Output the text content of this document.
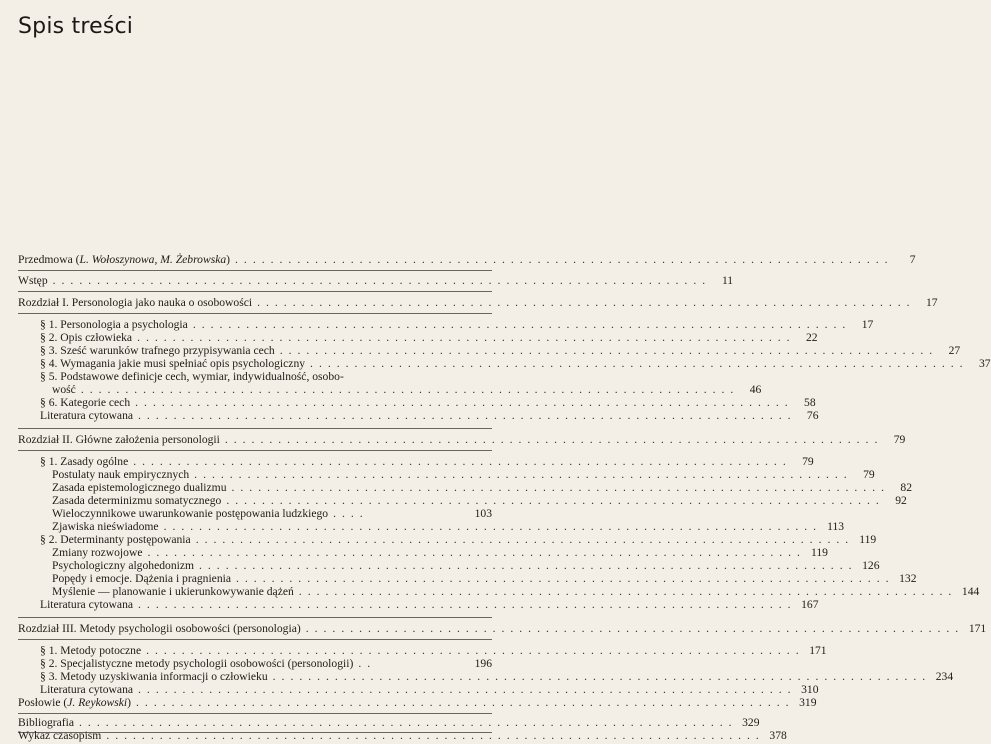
Spis treści
Przedmowa (L. Wołoszynowa, M. Żebrowska) ..........................................................................	7
Wstęp .......................................................................... 11
Rozdział I. Personologia jako nauka o osobowości .......................................................................... 17
§ 1. Personologia a psychologia .......................................................................... 17
§ 2. Opis człowieka .......................................................................... 22
§ 3. Sześć warunków trafnego przypisywania cech .......................................................................... 27
§ 4. Wymagania jakie musi spełniać opis psychologiczny .......................................................................... 37
§ 5. Podstawowe definicje cech, wymiar, indywidualność, osobo-
wość .......................................................................... 46
§ 6. Kategorie cech .......................................................................... 58
Literatura cytowana .......................................................................... 76
Rozdział II. Główne założenia personologii .......................................................................... 79
§ 1. Zasady ogólne .......................................................................... 79
Postulaty nauk empirycznych .......................................................................... 79
Zasada epistemologicznego dualizmu .......................................................................... 82
Zasada determinizmu somatycznego .......................................................................... 92
Wieloczynnikowe uwarunkowanie postępowania ludzkiego ....	103
Zjawiska nieświadome .......................................................................... 113
§ 2. Determinanty postępowania .......................................................................... 119
Zmiany rozwojowe .......................................................................... 119
Psychologiczny algohedonizm .......................................................................... 126
Popędy i emocje. Dążenia i pragnienia .......................................................................... 132
Myślenie — planowanie i ukierunkowywanie dążeń .......................................................................... 144
Literatura cytowana .......................................................................... 167
Rozdział III. Metody psychologii osobowości (personologia) .......................................................................... 171
§ 1. Metody potoczne .......................................................................... 171
§ 2. Specjalistyczne metody psychologii osobowości (personologii) ..	196
§ 3. Metody uzyskiwania informacji o człowieku .......................................................................... 234
Literatura cytowana .......................................................................... 310
Posłowie (J. Reykowski) .......................................................................... 319
Bibliografia .......................................................................... 329
Wykaz czasopism .......................................................................... 378
